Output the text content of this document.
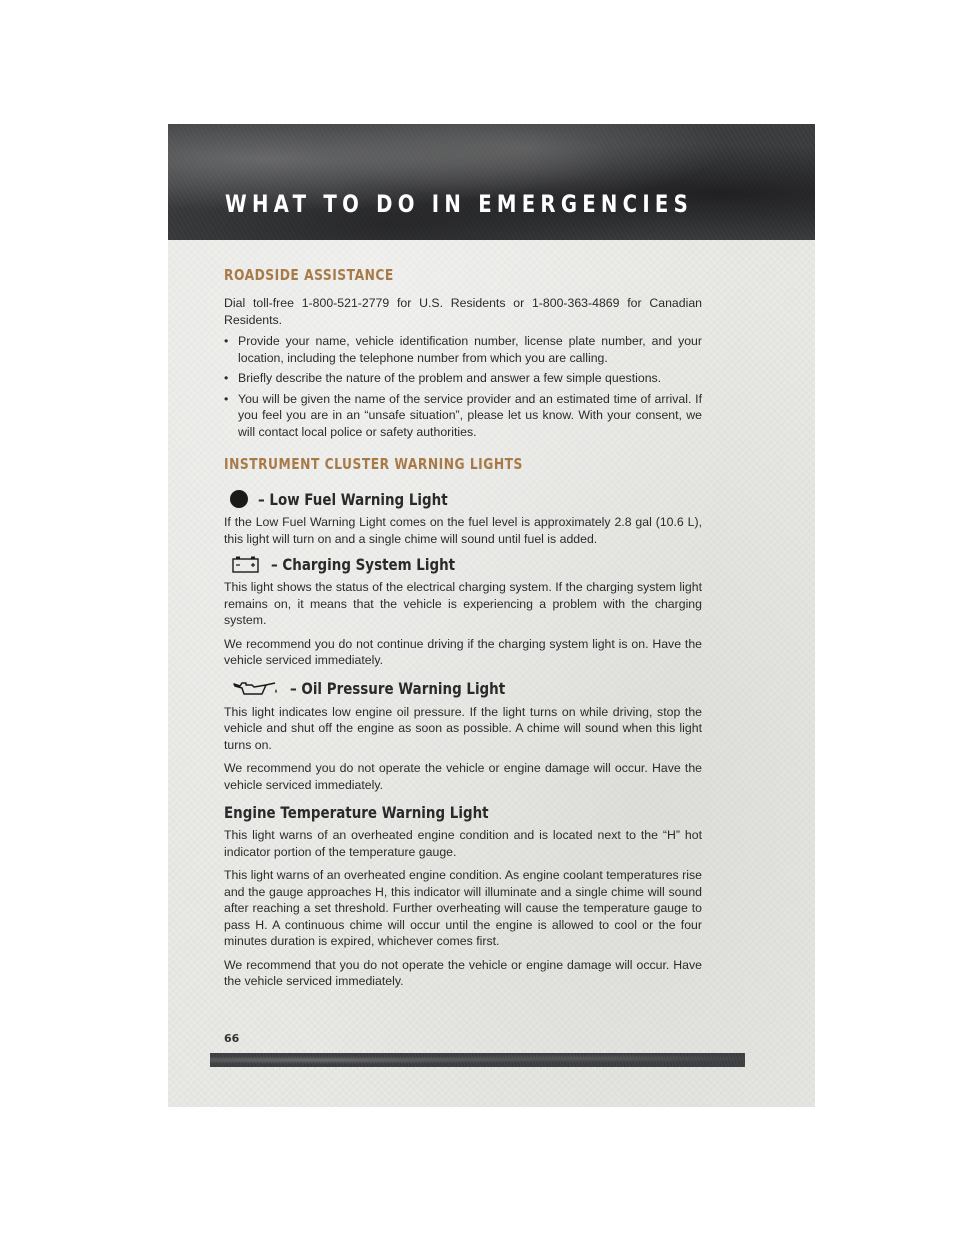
WHAT TO DO IN EMERGENCIES
ROADSIDE ASSISTANCE

Dial toll-free 1-800-521-2779 for U.S. Residents or 1-800-363-4869 for Canadian Residents.

• Provide your name, vehicle identification number, license plate number, and your location, including the telephone number from which you are calling.
• Briefly describe the nature of the problem and answer a few simple questions.
• You will be given the name of the service provider and an estimated time of arrival. If you feel you are in an “unsafe situation”, please let us know. With your consent, we will contact local police or safety authorities.
INSTRUMENT CLUSTER WARNING LIGHTS
– Low Fuel Warning Light

If the Low Fuel Warning Light comes on the fuel level is approximately 2.8 gal (10.6 L), this light will turn on and a single chime will sound until fuel is added.

– Charging System Light

This light shows the status of the electrical charging system. If the charging system light remains on, it means that the vehicle is experiencing a problem with the charging system.

We recommend you do not continue driving if the charging system light is on. Have the vehicle serviced immediately.

– Oil Pressure Warning Light

This light indicates low engine oil pressure. If the light turns on while driving, stop the vehicle and shut off the engine as soon as possible. A chime will sound when this light turns on.

We recommend you do not operate the vehicle or engine damage will occur. Have the vehicle serviced immediately.

Engine Temperature Warning Light

This light warns of an overheated engine condition and is located next to the “H” hot indicator portion of the temperature gauge.

This light warns of an overheated engine condition. As engine coolant temperatures rise and the gauge approaches H, this indicator will illuminate and a single chime will sound after reaching a set threshold. Further overheating will cause the temperature gauge to pass H. A continuous chime will occur until the engine is allowed to cool or the four minutes duration is expired, whichever comes first.

We recommend that you do not operate the vehicle or engine damage will occur. Have the vehicle serviced immediately.

66
